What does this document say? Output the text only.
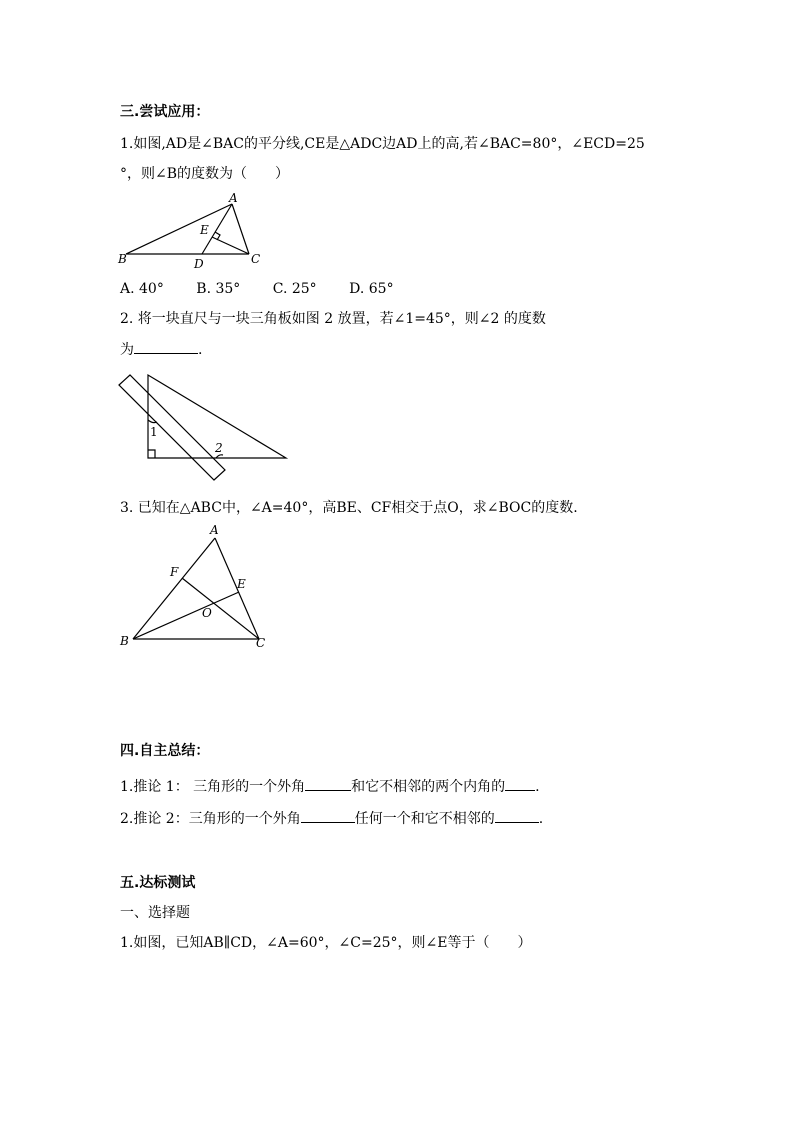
三.尝试应用：
1.如图,AD是∠BAC的平分线,CE是△ADC边AD上的高,若∠BAC=80°，∠ECD=25
°，则∠B的度数为（　　）
A
B	C
D
E
A. 40° B. 35° C. 25° D. 65°
2. 将一块直尺与一块三角板如图 2 放置，若∠1=45°，则∠2 的度数
为	.
1
2
3. 已知在△ABC中，∠A=40°，高BE、CF相交于点O，求∠BOC的度数.
A
B	C
E
F
O
四.自主总结：
1.推论 1： 三角形的一个外角	和它不相邻的两个内角的 .
2.推论 2：三角形的一个外角	任何一个和它不相邻的	.
五.达标测试
一、选择题
1.如图，已知AB∥CD，∠A=60°，∠C=25°，则∠E等于（　　）
